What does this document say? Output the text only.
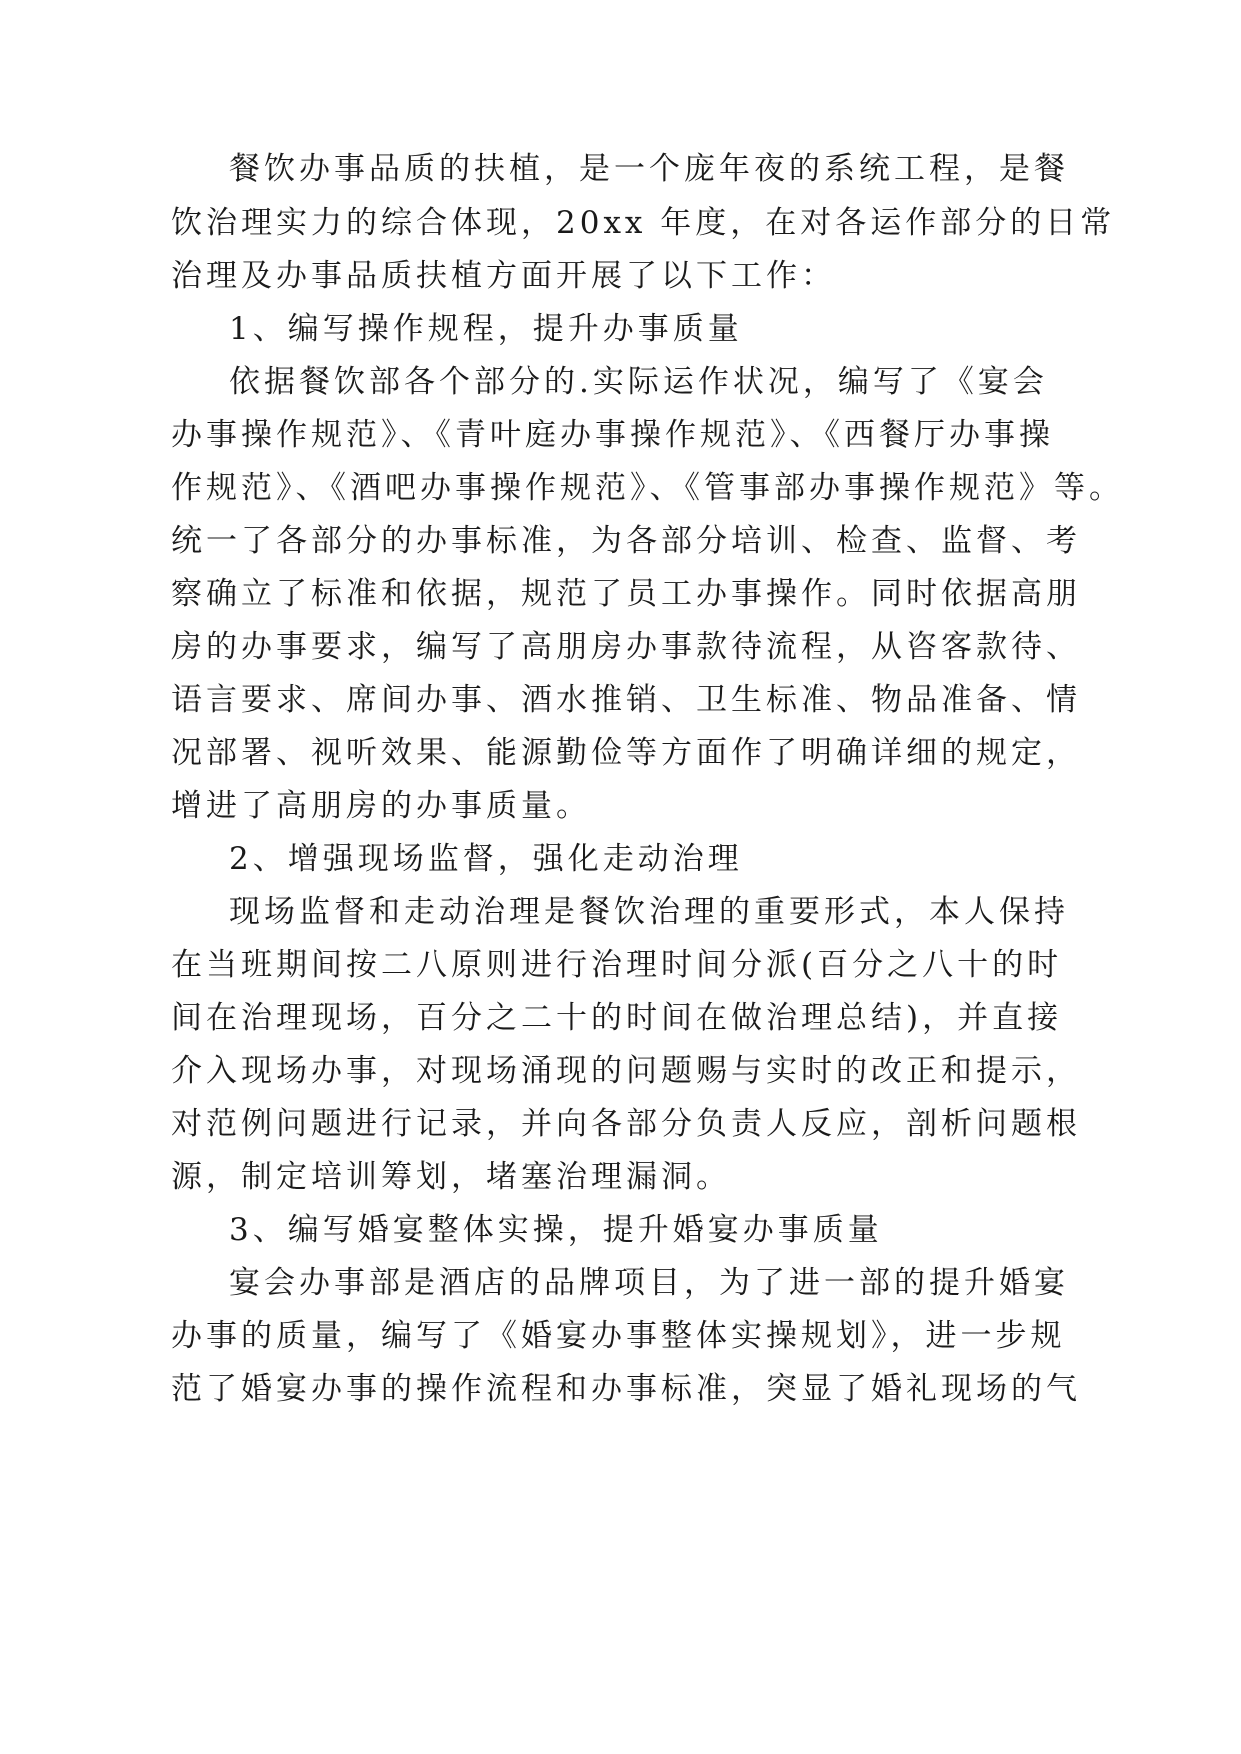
餐饮办事品质的扶植，是一个庞年夜的系统工程，是餐
饮治理实力的综合体现，20xx 年度，在对各运作部分的日常
治理及办事品质扶植方面开展了以下工作：
1、编写操作规程，提升办事质量
依据餐饮部各个部分的.实际运作状况，编写了《宴会
办事操作规范》、《青叶庭办事操作规范》、《西餐厅办事操
作规范》、《酒吧办事操作规范》、《管事部办事操作规范》等。
统一了各部分的办事标准，为各部分培训、检查、监督、考
察确立了标准和依据，规范了员工办事操作。同时依据高朋
房的办事要求，编写了高朋房办事款待流程，从咨客款待、
语言要求、席间办事、酒水推销、卫生标准、物品准备、情
况部署、视听效果、能源勤俭等方面作了明确详细的规定，
增进了高朋房的办事质量。
2、增强现场监督，强化走动治理
现场监督和走动治理是餐饮治理的重要形式，本人保持
在当班期间按二八原则进行治理时间分派(百分之八十的时
间在治理现场，百分之二十的时间在做治理总结)，并直接
介入现场办事，对现场涌现的问题赐与实时的改正和提示，
对范例问题进行记录，并向各部分负责人反应，剖析问题根
源，制定培训筹划，堵塞治理漏洞。
3、编写婚宴整体实操，提升婚宴办事质量
宴会办事部是酒店的品牌项目，为了进一部的提升婚宴
办事的质量，编写了《婚宴办事整体实操规划》，进一步规
范了婚宴办事的操作流程和办事标准，突显了婚礼现场的气
